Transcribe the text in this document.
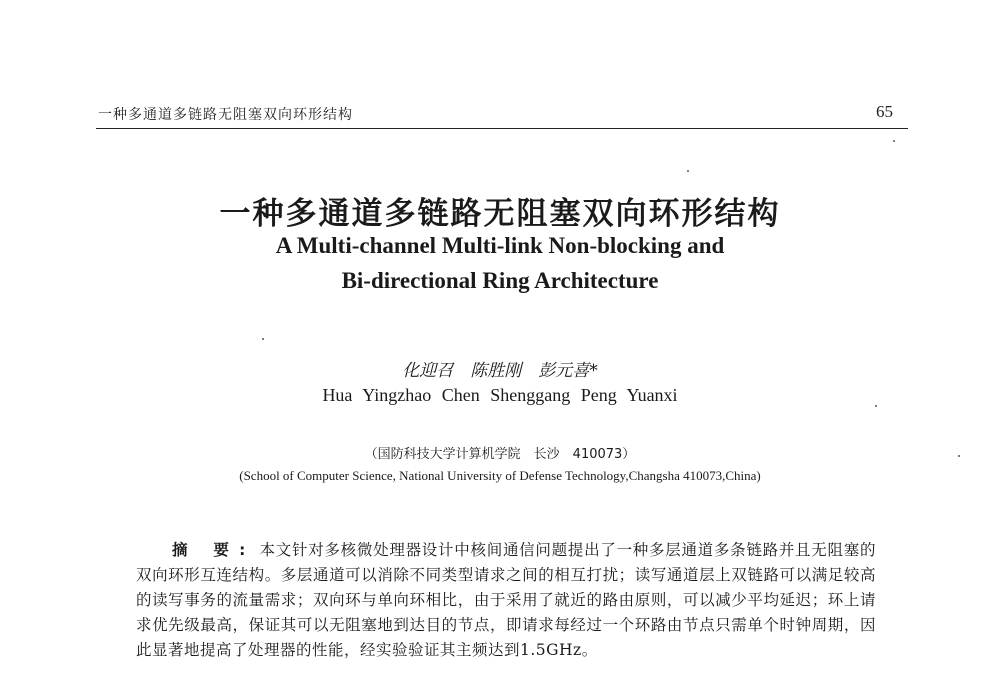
一种多通道多链路无阻塞双向环形结构	65
一种多通道多链路无阻塞双向环形结构
A Multi-channel Multi-link Non-blocking and
Bi-directional Ring Architecture
化迎召　陈胜刚　彭元喜*
Hua Yingzhao Chen Shenggang Peng Yuanxi
（国防科技大学计算机学院　长沙　410073）
(School of Computer Science, National University of Defense Technology,Changsha 410073,China)
摘 要: 本文针对多核微处理器设计中核间通信问题提出了一种多层通道多条链路并且无阻塞的双向环形互连结构。多层通道可以消除不同类型请求之间的相互打扰；读写通道层上双链路可以满足较高的读写事务的流量需求；双向环与单向环相比，由于采用了就近的路由原则，可以减少平均延迟；环上请求优先级最高，保证其可以无阻塞地到达目的节点，即请求每经过一个环路由节点只需单个时钟周期，因此显著地提高了处理器的性能，经实验验证其主频达到1.5GHz。
